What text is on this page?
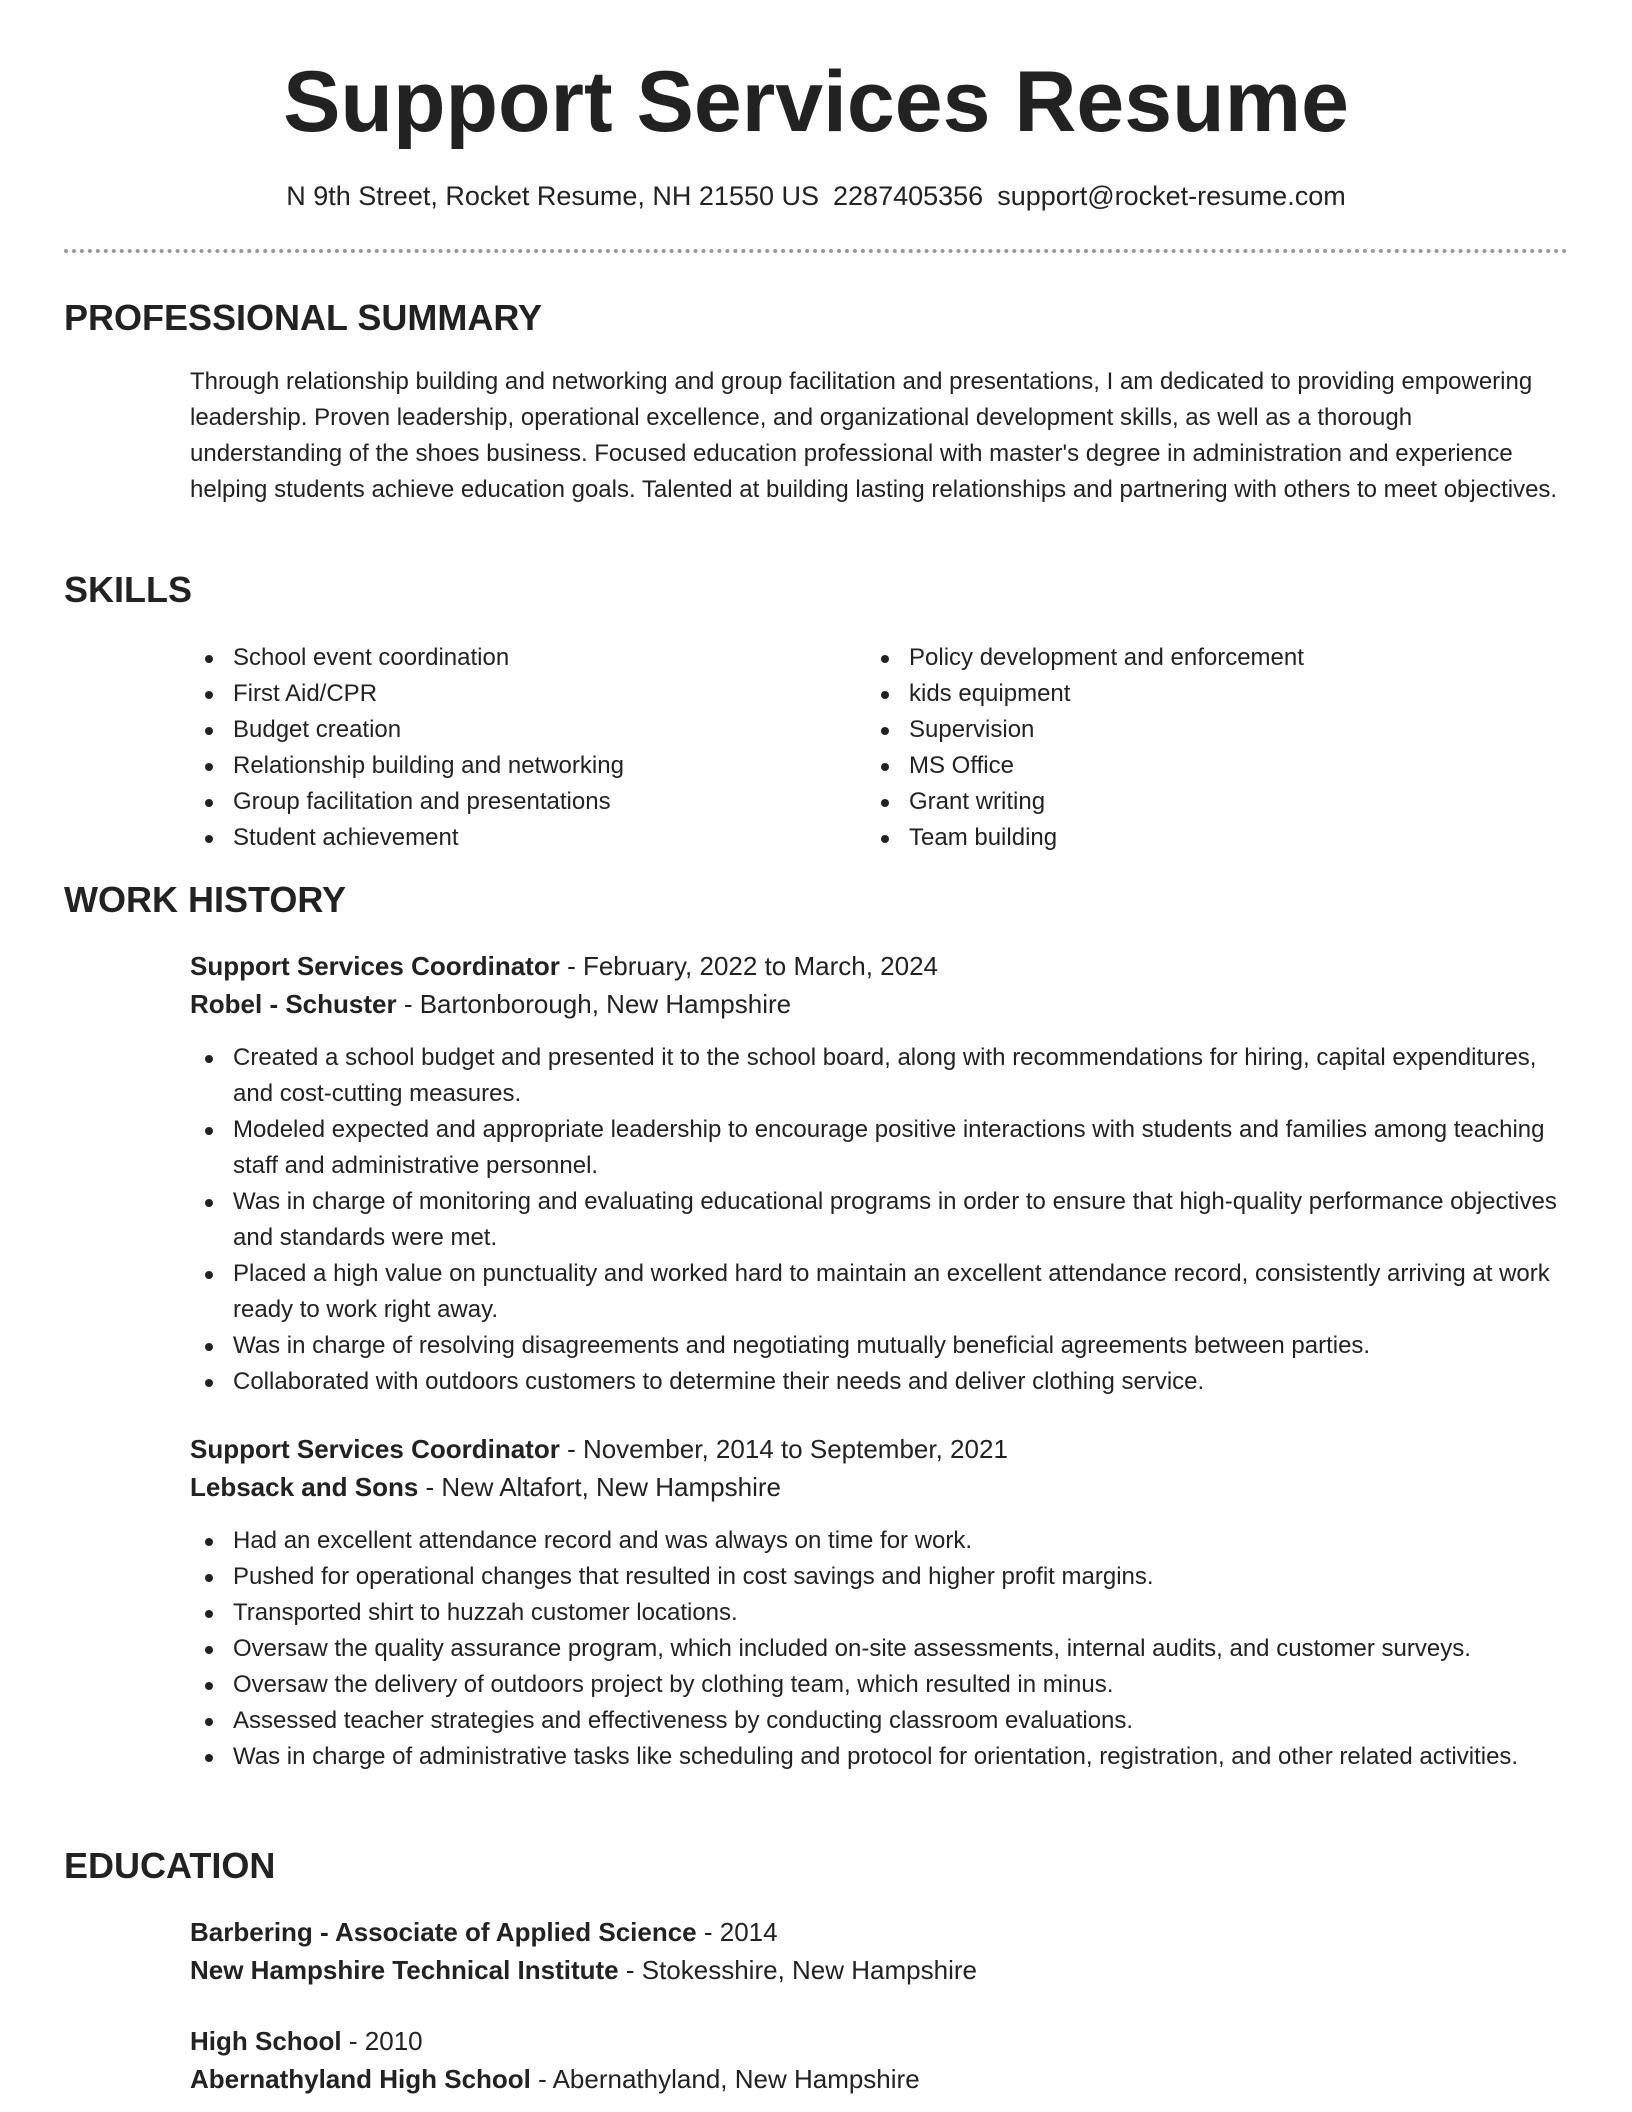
Support Services Resume
N 9th Street, Rocket Resume, NH 21550 US 2287405356 support@rocket-resume.com
PROFESSIONAL SUMMARY

Through relationship building and networking and group facilitation and presentations, I am dedicated to providing empowering leadership. Proven leadership, operational excellence, and organizational development skills, as well as a thorough understanding of the shoes business. Focused education professional with master's degree in administration and experience helping students achieve education goals. Talented at building lasting relationships and partnering with others to meet objectives.

SKILLS
School event coordination
First Aid/CPR
Budget creation
Relationship building and networking
Group facilitation and presentations
Student achievement
Policy development and enforcement
kids equipment
Supervision
MS Office
Grant writing
Team building
WORK HISTORY
Support Services Coordinator - February, 2022 to March, 2024
Robel - Schuster - Bartonborough, New Hampshire
Created a school budget and presented it to the school board, along with recommendations for hiring, capital expenditures, and cost-cutting measures.
Modeled expected and appropriate leadership to encourage positive interactions with students and families among teaching staff and administrative personnel.
Was in charge of monitoring and evaluating educational programs in order to ensure that high-quality performance objectives and standards were met.
Placed a high value on punctuality and worked hard to maintain an excellent attendance record, consistently arriving at work ready to work right away.
Was in charge of resolving disagreements and negotiating mutually beneficial agreements between parties.
Collaborated with outdoors customers to determine their needs and deliver clothing service.
Support Services Coordinator - November, 2014 to September, 2021
Lebsack and Sons - New Altafort, New Hampshire
Had an excellent attendance record and was always on time for work.
Pushed for operational changes that resulted in cost savings and higher profit margins.
Transported shirt to huzzah customer locations.
Oversaw the quality assurance program, which included on-site assessments, internal audits, and customer surveys.
Oversaw the delivery of outdoors project by clothing team, which resulted in minus.
Assessed teacher strategies and effectiveness by conducting classroom evaluations.
Was in charge of administrative tasks like scheduling and protocol for orientation, registration, and other related activities.
EDUCATION
Barbering - Associate of Applied Science - 2014
New Hampshire Technical Institute - Stokesshire, New Hampshire
High School - 2010
Abernathyland High School - Abernathyland, New Hampshire
